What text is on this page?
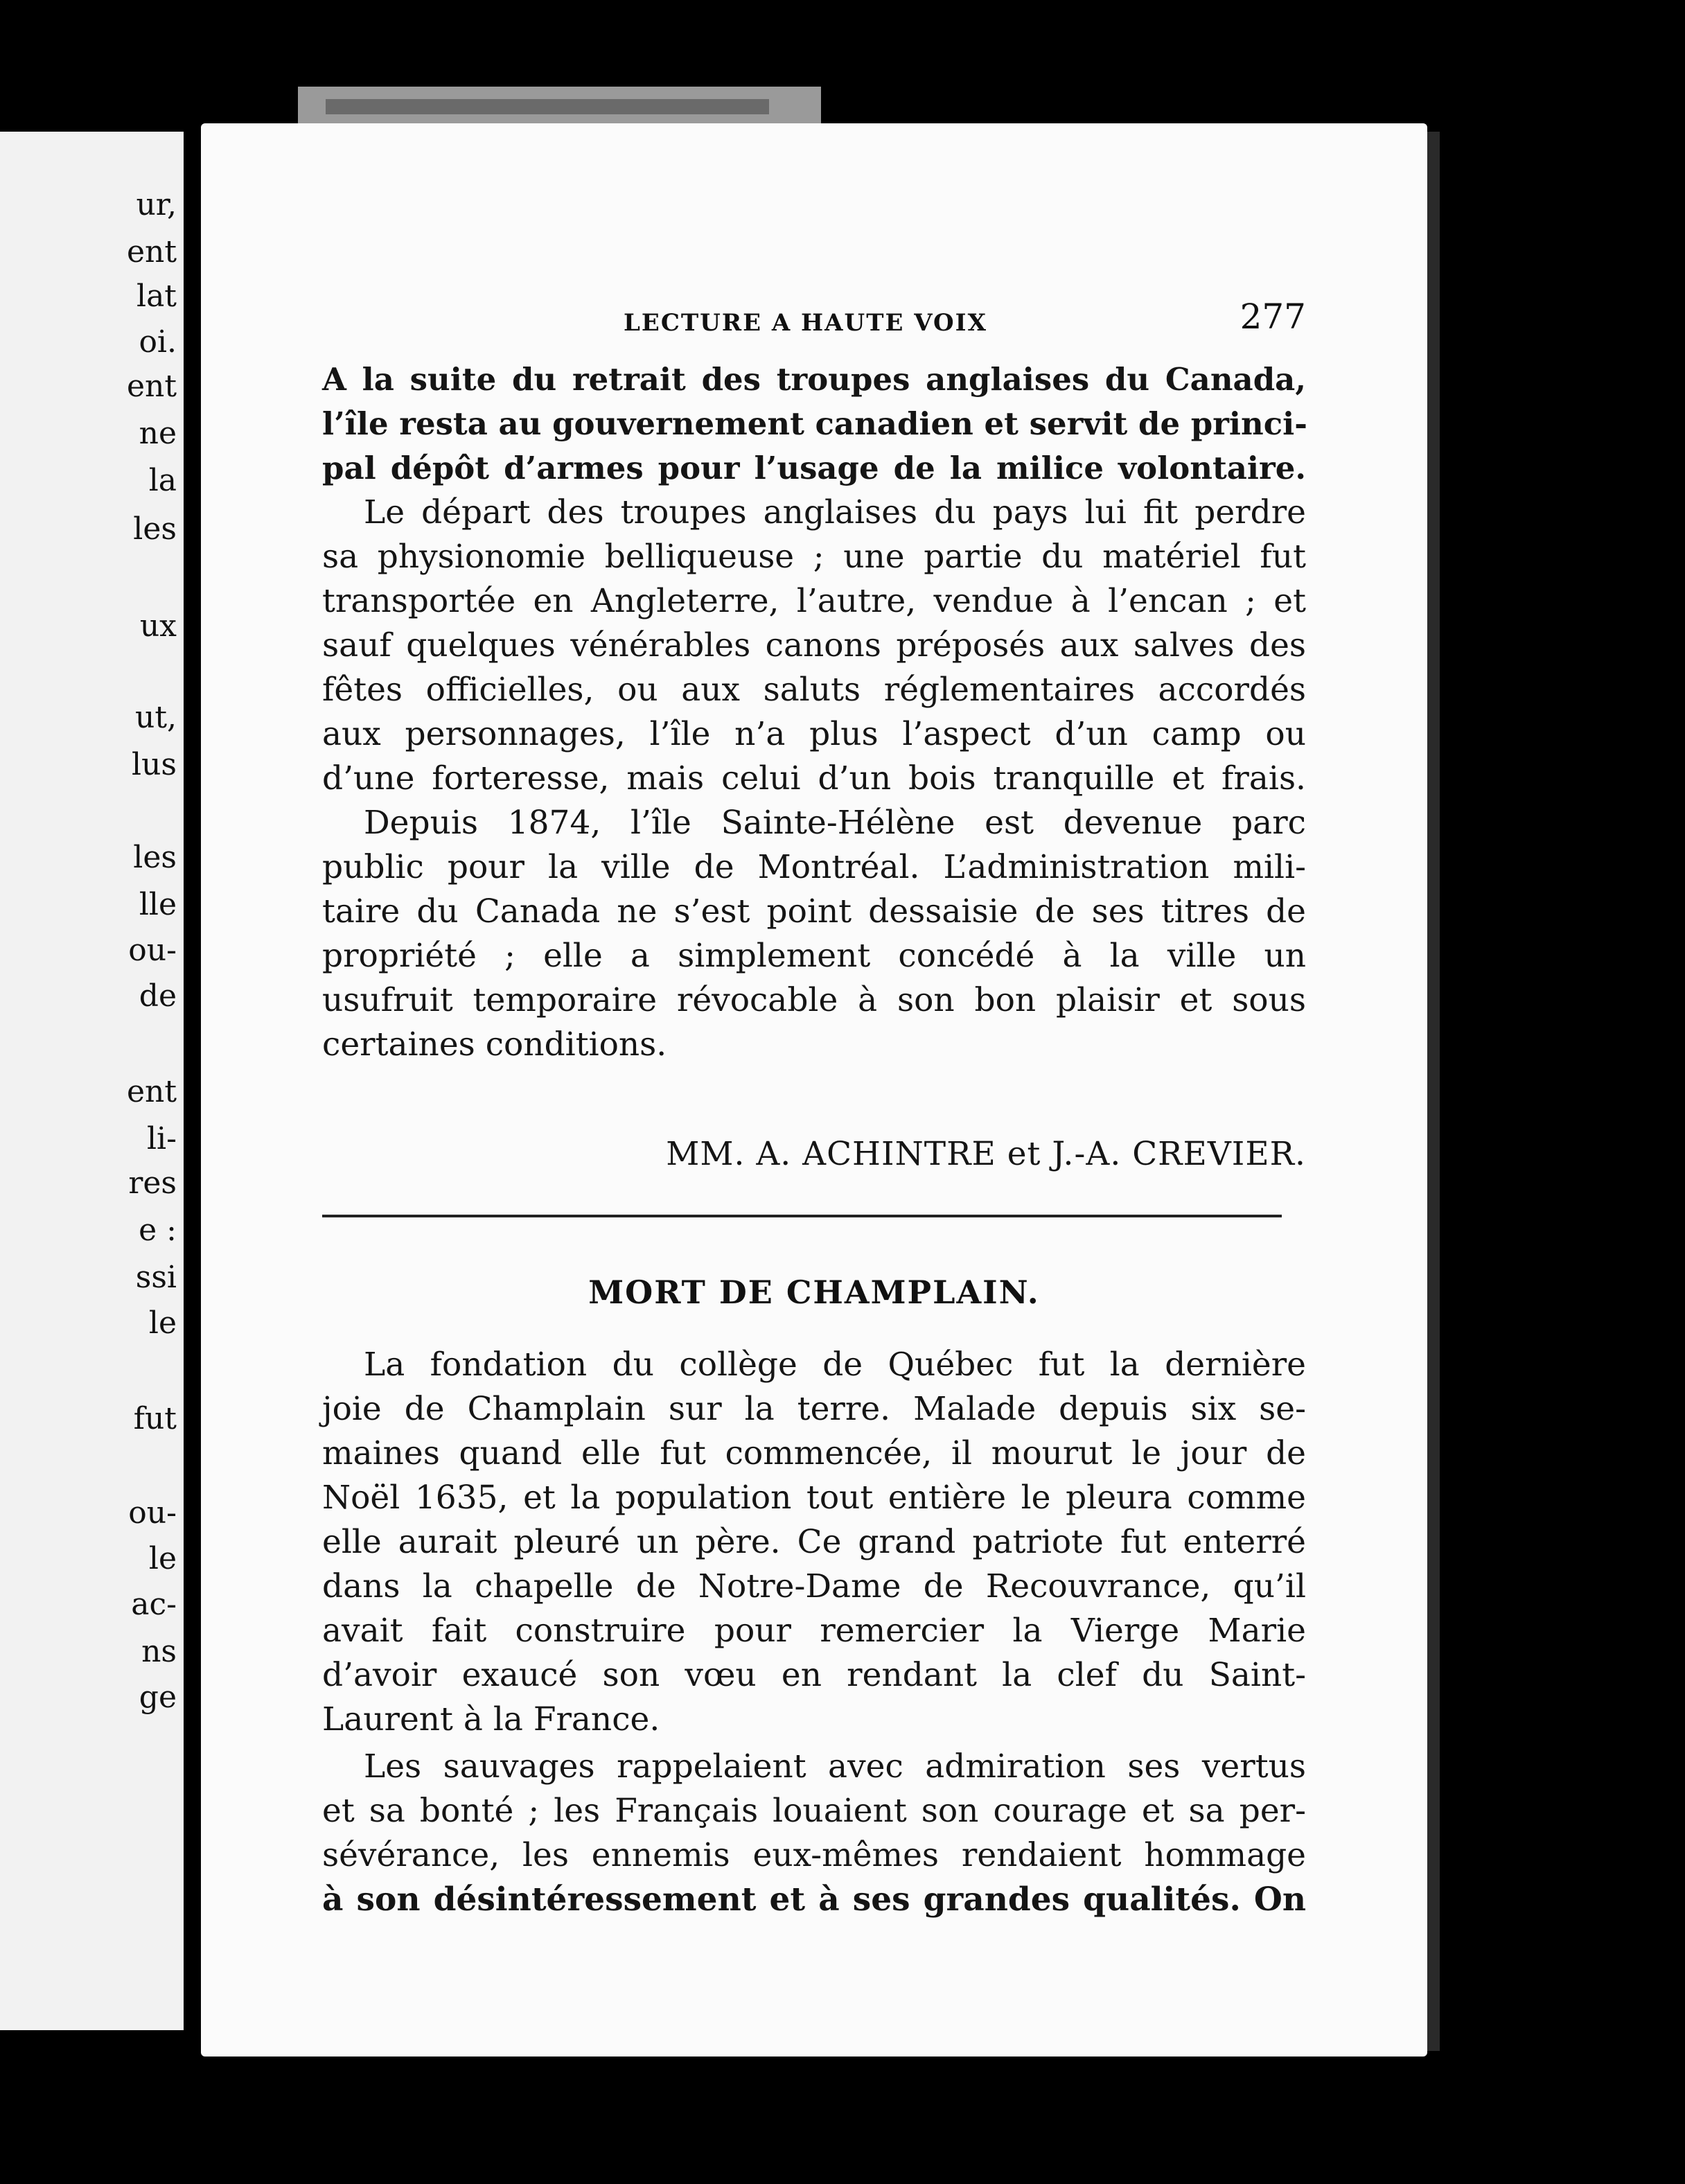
ur,
ent
lat
oi.
ent
ne
la
les
ux
ut,
lus
les
lle
ou-
de
ent
li-
res
e :
ssi
le
fut
ou-
le
ac-
ns
ge
LECTURE A HAUTE VOIX	277
A la suite du retrait des troupes anglaises du Canada,
l’île resta au gouvernement canadien et servit de princi-
pal dépôt d’armes pour l’usage de la milice volontaire.
Le départ des troupes anglaises du pays lui fit perdre
sa physionomie belliqueuse ; une partie du matériel fut
transportée en Angleterre, l’autre, vendue à l’encan ; et
sauf quelques vénérables canons préposés aux salves des
fêtes officielles, ou aux saluts réglementaires accordés
aux personnages, l’île n’a plus l’aspect d’un camp ou
d’une forteresse, mais celui d’un bois tranquille et frais.
Depuis 1874, l’île Sainte-Hélène est devenue parc
public pour la ville de Montréal. L’administration mili-
taire du Canada ne s’est point dessaisie de ses titres de
propriété ; elle a simplement concédé à la ville un
usufruit temporaire révocable à son bon plaisir et sous
certaines conditions.
MM. A. ACHINTRE et J.-A. CREVIER.
MORT DE CHAMPLAIN.
La fondation du collège de Québec fut la dernière
joie de Champlain sur la terre. Malade depuis six se-
maines quand elle fut commencée, il mourut le jour de
Noël 1635, et la population tout entière le pleura comme
elle aurait pleuré un père. Ce grand patriote fut enterré
dans la chapelle de Notre-Dame de Recouvrance, qu’il
avait fait construire pour remercier la Vierge Marie
d’avoir exaucé son vœu en rendant la clef du Saint-
Laurent à la France.
Les sauvages rappelaient avec admiration ses vertus
et sa bonté ; les Français louaient son courage et sa per-
sévérance, les ennemis eux-mêmes rendaient hommage
à son désintéressement et à ses grandes qualités. On
